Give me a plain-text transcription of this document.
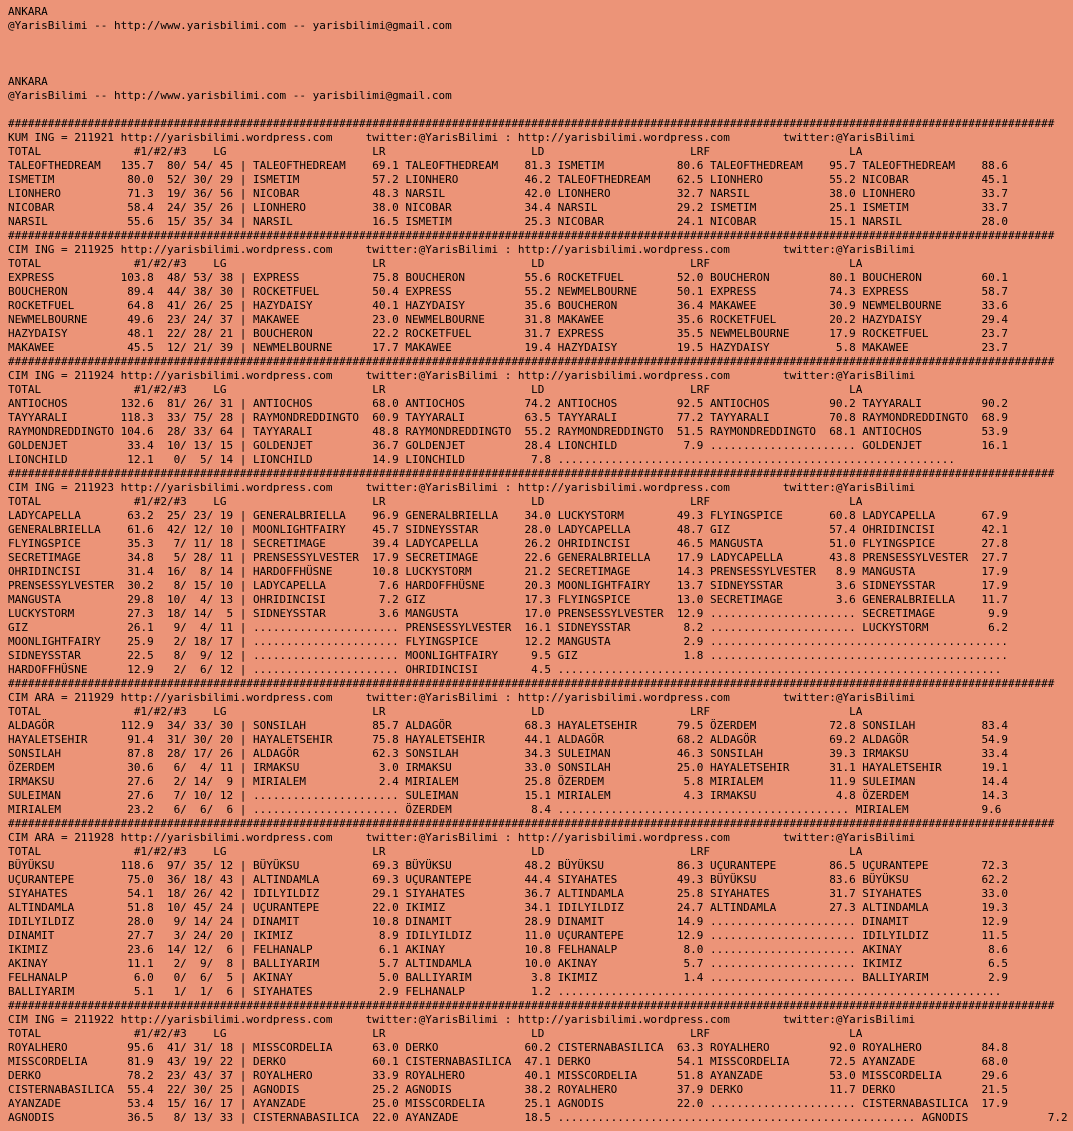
ANKARA
@YarisBilimi -- http://www.yarisbilimi.com -- yarisbilimi@gmail.com

ANKARA
@YarisBilimi -- http://www.yarisbilimi.com -- yarisbilimi@gmail.com

##############################################################################################################################################################
KUM ING = 211921 http://yarisbilimi.wordpress.com     twitter:@YarisBilimi : http://yarisbilimi.wordpress.com        twitter:@YarisBilimi
TOTAL              #1/#2/#3    LG                      LR                      LD                      LRF                     LA
TALEOFTHEDREAM   135.7  80/ 54/ 45 | TALEOFTHEDREAM    69.1 TALEOFTHEDREAM    81.3 ISMETIM           80.6 TALEOFTHEDREAM    95.7 TALEOFTHEDREAM    88.6
ISMETIM           80.0  52/ 30/ 29 | ISMETIM           57.2 LIONHERO          46.2 TALEOFTHEDREAM    62.5 LIONHERO          55.2 NICOBAR           45.1
LIONHERO          71.3  19/ 36/ 56 | NICOBAR           48.3 NARSIL            42.0 LIONHERO          32.7 NARSIL            38.0 LIONHERO          33.7
NICOBAR           58.4  24/ 35/ 26 | LIONHERO          38.0 NICOBAR           34.4 NARSIL            29.2 ISMETIM           25.1 ISMETIM           33.7
NARSIL            55.6  15/ 35/ 34 | NARSIL            16.5 ISMETIM           25.3 NICOBAR           24.1 NICOBAR           15.1 NARSIL            28.0
##############################################################################################################################################################
CIM ING = 211925 http://yarisbilimi.wordpress.com     twitter:@YarisBilimi : http://yarisbilimi.wordpress.com        twitter:@YarisBilimi
TOTAL              #1/#2/#3    LG                      LR                      LD                      LRF                     LA
EXPRESS          103.8  48/ 53/ 38 | EXPRESS           75.8 BOUCHERON         55.6 ROCKETFUEL        52.0 BOUCHERON         80.1 BOUCHERON         60.1
BOUCHERON         89.4  44/ 38/ 30 | ROCKETFUEL        50.4 EXPRESS           55.2 NEWMELBOURNE      50.1 EXPRESS           74.3 EXPRESS           58.7
ROCKETFUEL        64.8  41/ 26/ 25 | HAZYDAISY         40.1 HAZYDAISY         35.6 BOUCHERON         36.4 MAKAWEE           30.9 NEWMELBOURNE      33.6
NEWMELBOURNE      49.6  23/ 24/ 37 | MAKAWEE           23.0 NEWMELBOURNE      31.8 MAKAWEE           35.6 ROCKETFUEL        20.2 HAZYDAISY         29.4
HAZYDAISY         48.1  22/ 28/ 21 | BOUCHERON         22.2 ROCKETFUEL        31.7 EXPRESS           35.5 NEWMELBOURNE      17.9 ROCKETFUEL        23.7
MAKAWEE           45.5  12/ 21/ 39 | NEWMELBOURNE      17.7 MAKAWEE           19.4 HAZYDAISY         19.5 HAZYDAISY          5.8 MAKAWEE           23.7
##############################################################################################################################################################
CIM ING = 211924 http://yarisbilimi.wordpress.com     twitter:@YarisBilimi : http://yarisbilimi.wordpress.com        twitter:@YarisBilimi
TOTAL              #1/#2/#3    LG                      LR                      LD                      LRF                     LA
ANTIOCHOS        132.6  81/ 26/ 31 | ANTIOCHOS         68.0 ANTIOCHOS         74.2 ANTIOCHOS         92.5 ANTIOCHOS         90.2 TAYYARALI         90.2
TAYYARALI        118.3  33/ 75/ 28 | RAYMONDREDDINGTO  60.9 TAYYARALI         63.5 TAYYARALI         77.2 TAYYARALI         70.8 RAYMONDREDDINGTO  68.9
RAYMONDREDDINGTO 104.6  28/ 33/ 64 | TAYYARALI         48.8 RAYMONDREDDINGTO  55.2 RAYMONDREDDINGTO  51.5 RAYMONDREDDINGTO  68.1 ANTIOCHOS         53.9
GOLDENJET         33.4  10/ 13/ 15 | GOLDENJET         36.7 GOLDENJET         28.4 LIONCHILD          7.9 ...................... GOLDENJET         16.1
LIONCHILD         12.1   0/  5/ 14 | LIONCHILD         14.9 LIONCHILD          7.8 ............................................................
##############################################################################################################################################################
CIM ING = 211923 http://yarisbilimi.wordpress.com     twitter:@YarisBilimi : http://yarisbilimi.wordpress.com        twitter:@YarisBilimi
TOTAL              #1/#2/#3    LG                      LR                      LD                      LRF                     LA
LADYCAPELLA       63.2  25/ 23/ 19 | GENERALBRIELLA    96.9 GENERALBRIELLA    34.0 LUCKYSTORM        49.3 FLYINGSPICE       60.8 LADYCAPELLA       67.9
GENERALBRIELLA    61.6  42/ 12/ 10 | MOONLIGHTFAIRY    45.7 SIDNEYSSTAR       28.0 LADYCAPELLA       48.7 GIZ               57.4 OHRIDINCISI       42.1
FLYINGSPICE       35.3   7/ 11/ 18 | SECRETIMAGE       39.4 LADYCAPELLA       26.2 OHRIDINCISI       46.5 MANGUSTA          51.0 FLYINGSPICE       27.8
SECRETIMAGE       34.8   5/ 28/ 11 | PRENSESSYLVESTER  17.9 SECRETIMAGE       22.6 GENERALBRIELLA    17.9 LADYCAPELLA       43.8 PRENSESSYLVESTER  27.7
OHRIDINCISI       31.4  16/  8/ 14 | HARDOFFHÜSNE      10.8 LUCKYSTORM        21.2 SECRETIMAGE       14.3 PRENSESSYLVESTER   8.9 MANGUSTA          17.9
PRENSESSYLVESTER  30.2   8/ 15/ 10 | LADYCAPELLA        7.6 HARDOFFHÜSNE      20.3 MOONLIGHTFAIRY    13.7 SIDNEYSSTAR        3.6 SIDNEYSSTAR       17.9
MANGUSTA          29.8  10/  4/ 13 | OHRIDINCISI        7.2 GIZ               17.3 FLYINGSPICE       13.0 SECRETIMAGE        3.6 GENERALBRIELLA    11.7
LUCKYSTORM        27.3  18/ 14/  5 | SIDNEYSSTAR        3.6 MANGUSTA          17.0 PRENSESSYLVESTER  12.9 ...................... SECRETIMAGE        9.9
GIZ               26.1   9/  4/ 11 | ...................... PRENSESSYLVESTER  16.1 SIDNEYSSTAR        8.2 ...................... LUCKYSTORM         6.2
MOONLIGHTFAIRY    25.9   2/ 18/ 17 | ...................... FLYINGSPICE       12.2 MANGUSTA           2.9 .............................................
SIDNEYSSTAR       22.5   8/  9/ 12 | ...................... MOONLIGHTFAIRY     9.5 GIZ                1.8 .............................................
HARDOFFHÜSNE      12.9   2/  6/ 12 | ...................... OHRIDINCISI        4.5 ...................................................................
##############################################################################################################################################################
CIM ARA = 211929 http://yarisbilimi.wordpress.com     twitter:@YarisBilimi : http://yarisbilimi.wordpress.com        twitter:@YarisBilimi
TOTAL              #1/#2/#3    LG                      LR                      LD                      LRF                     LA
ALDAGÖR          112.9  34/ 33/ 30 | SONSILAH          85.7 ALDAGÖR           68.3 HAYALETSEHIR      79.5 ÖZERDEM           72.8 SONSILAH          83.4
HAYALETSEHIR      91.4  31/ 30/ 20 | HAYALETSEHIR      75.8 HAYALETSEHIR      44.1 ALDAGÖR           68.2 ALDAGÖR           69.2 ALDAGÖR           54.9
SONSILAH          87.8  28/ 17/ 26 | ALDAGÖR           62.3 SONSILAH          34.3 SULEIMAN          46.3 SONSILAH          39.3 IRMAKSU           33.4
ÖZERDEM           30.6   6/  4/ 11 | IRMAKSU            3.0 IRMAKSU           33.0 SONSILAH          25.0 HAYALETSEHIR      31.1 HAYALETSEHIR      19.1
IRMAKSU           27.6   2/ 14/  9 | MIRIALEM           2.4 MIRIALEM          25.8 ÖZERDEM            5.8 MIRIALEM          11.9 SULEIMAN          14.4
SULEIMAN          27.6   7/ 10/ 12 | ...................... SULEIMAN          15.1 MIRIALEM           4.3 IRMAKSU            4.8 ÖZERDEM           14.3
MIRIALEM          23.2   6/  6/  6 | ...................... ÖZERDEM            8.4 ............................................ MIRIALEM           9.6
##############################################################################################################################################################
CIM ARA = 211928 http://yarisbilimi.wordpress.com     twitter:@YarisBilimi : http://yarisbilimi.wordpress.com        twitter:@YarisBilimi
TOTAL              #1/#2/#3    LG                      LR                      LD                      LRF                     LA
BÜYÜKSU          118.6  97/ 35/ 12 | BÜYÜKSU           69.3 BÜYÜKSU           48.2 BÜYÜKSU           86.3 UÇURANTEPE        86.5 UÇURANTEPE        72.3
UÇURANTEPE        75.0  36/ 18/ 43 | ALTINDAMLA        69.3 UÇURANTEPE        44.4 SIYAHATES         49.3 BÜYÜKSU           83.6 BÜYÜKSU           62.2
SIYAHATES         54.1  18/ 26/ 42 | IDILYILDIZ        29.1 SIYAHATES         36.7 ALTINDAMLA        25.8 SIYAHATES         31.7 SIYAHATES         33.0
ALTINDAMLA        51.8  10/ 45/ 24 | UÇURANTEPE        22.0 IKIMIZ            34.1 IDILYILDIZ        24.7 ALTINDAMLA        27.3 ALTINDAMLA        19.3
IDILYILDIZ        28.0   9/ 14/ 24 | DINAMIT           10.8 DINAMIT           28.9 DINAMIT           14.9 ...................... DINAMIT           12.9
DINAMIT           27.7   3/ 24/ 20 | IKIMIZ             8.9 IDILYILDIZ        11.0 UÇURANTEPE        12.9 ...................... IDILYILDIZ        11.5
IKIMIZ            23.6  14/ 12/  6 | FELHANALP          6.1 AKINAY            10.8 FELHANALP          8.0 ...................... AKINAY             8.6
AKINAY            11.1   2/  9/  8 | BALLIYARIM         5.7 ALTINDAMLA        10.0 AKINAY             5.7 ...................... IKIMIZ             6.5
FELHANALP          6.0   0/  6/  5 | AKINAY             5.0 BALLIYARIM         3.8 IKIMIZ             1.4 ...................... BALLIYARIM         2.9
BALLIYARIM         5.1   1/  1/  6 | SIYAHATES          2.9 FELHANALP          1.2 ...................................................................
##############################################################################################################################################################
CIM ING = 211922 http://yarisbilimi.wordpress.com     twitter:@YarisBilimi : http://yarisbilimi.wordpress.com        twitter:@YarisBilimi
TOTAL              #1/#2/#3    LG                      LR                      LD                      LRF                     LA
ROYALHERO         95.6  41/ 31/ 18 | MISSCORDELIA      63.0 DERKO             60.2 CISTERNABASILICA  63.3 ROYALHERO         92.0 ROYALHERO         84.8
MISSCORDELIA      81.9  43/ 19/ 22 | DERKO             60.1 CISTERNABASILICA  47.1 DERKO             54.1 MISSCORDELIA      72.5 AYANZADE          68.0
DERKO             78.2  23/ 43/ 37 | ROYALHERO         33.9 ROYALHERO         40.1 MISSCORDELIA      51.8 AYANZADE          53.0 MISSCORDELIA      29.6
CISTERNABASILICA  55.4  22/ 30/ 25 | AGNODIS           25.2 AGNODIS           38.2 ROYALHERO         37.9 DERKO             11.7 DERKO             21.5
AYANZADE          53.4  15/ 16/ 17 | AYANZADE          25.0 MISSCORDELIA      25.1 AGNODIS           22.0 ...................... CISTERNABASILICA  17.9
AGNODIS           36.5   8/ 13/ 33 | CISTERNABASILICA  22.0 AYANZADE          18.5 ...................................................... AGNODIS            7.2
